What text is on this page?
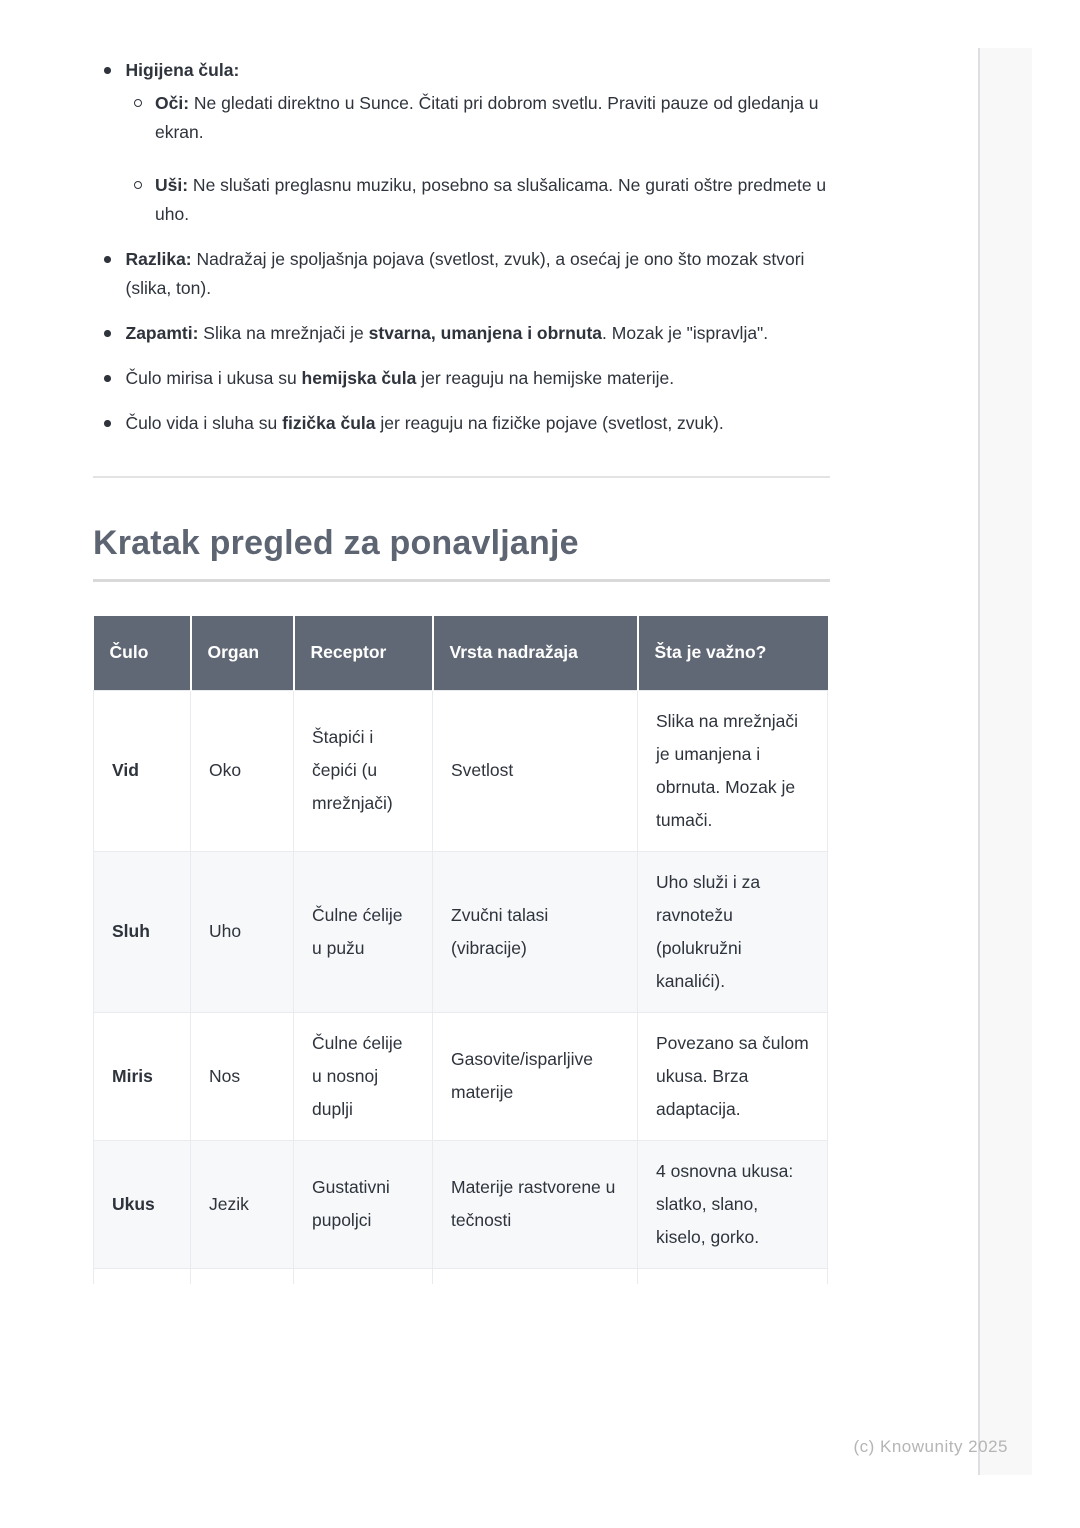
Higijena čula:

Oči: Ne gledati direktno u Sunce. Čitati pri dobrom svetlu. Praviti pauze od gledanja u ekran.

Uši: Ne slušati preglasnu muziku, posebno sa slušalicama. Ne gurati oštre predmete u uho.

Razlika: Nadražaj je spoljašnja pojava (svetlost, zvuk), a osećaj je ono što mozak stvori (slika, ton).

Zapamti: Slika na mrežnjači je stvarna, umanjena i obrnuta. Mozak je "ispravlja".

Čulo mirisa i ukusa su hemijska čula jer reaguju na hemijske materije.

Čulo vida i sluha su fizička čula jer reaguju na fizičke pojave (svetlost, zvuk).

Kratak pregled za ponavljanje
Čulo	Organ	Receptor	Vrsta nadražaja	Šta je važno?
Vid	Oko	Štapići i čepići (u mrežnjači)	Svetlost	Slika na mrežnjači je umanjena i obrnuta. Mozak je tumači.
Sluh	Uho	Čulne ćelije u pužu	Zvučni talasi (vibracije)	Uho služi i za ravnotežu (polukružni kanalići).
Miris	Nos	Čulne ćelije u nosnoj duplji	Gasovite/isparljive materije	Povezano sa čulom ukusa. Brza adaptacija.
Ukus	Jezik	Gustativni pupoljci	Materije rastvorene u tečnosti	4 osnovna ukusa: slatko, slano, kiselo, gorko.

(c) Knowunity 2025
